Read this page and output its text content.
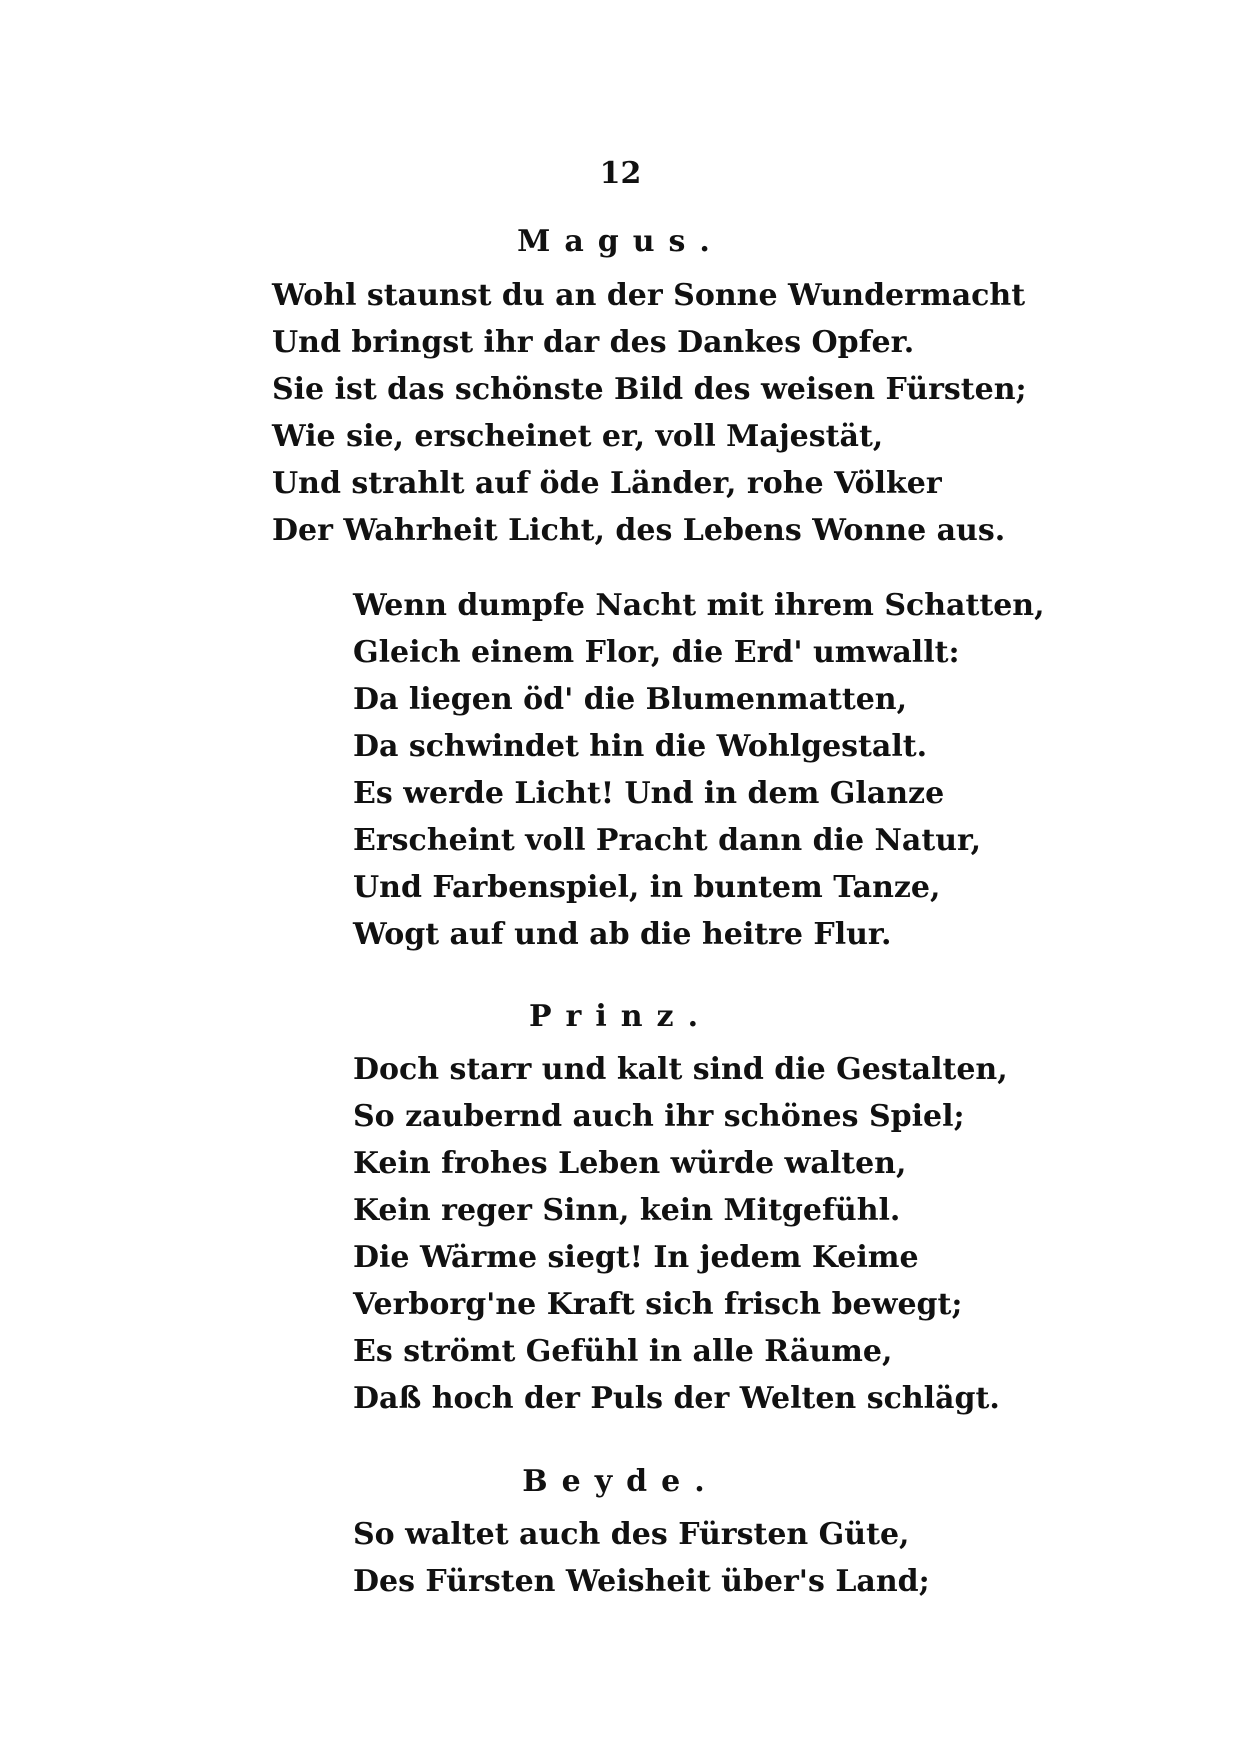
12
Magus.
Wohl staunst du an der Sonne Wundermacht
Und bringst ihr dar des Dankes Opfer.
Sie ist das schönste Bild des weisen Fürsten;
Wie sie, erscheinet er, voll Majestät,
Und strahlt auf öde Länder, rohe Völker
Der Wahrheit Licht, des Lebens Wonne aus.
Wenn dumpfe Nacht mit ihrem Schatten,
Gleich einem Flor, die Erd' umwallt:
Da liegen öd' die Blumenmatten,
Da schwindet hin die Wohlgestalt.
Es werde Licht! Und in dem Glanze
Erscheint voll Pracht dann die Natur,
Und Farbenspiel, in buntem Tanze,
Wogt auf und ab die heitre Flur.
Prinz.
Doch starr und kalt sind die Gestalten,
So zaubernd auch ihr schönes Spiel;
Kein frohes Leben würde walten,
Kein reger Sinn, kein Mitgefühl.
Die Wärme siegt! In jedem Keime
Verborg'ne Kraft sich frisch bewegt;
Es strömt Gefühl in alle Räume,
Daß hoch der Puls der Welten schlägt.
Beyde.
So waltet auch des Fürsten Güte,
Des Fürsten Weisheit über's Land;
